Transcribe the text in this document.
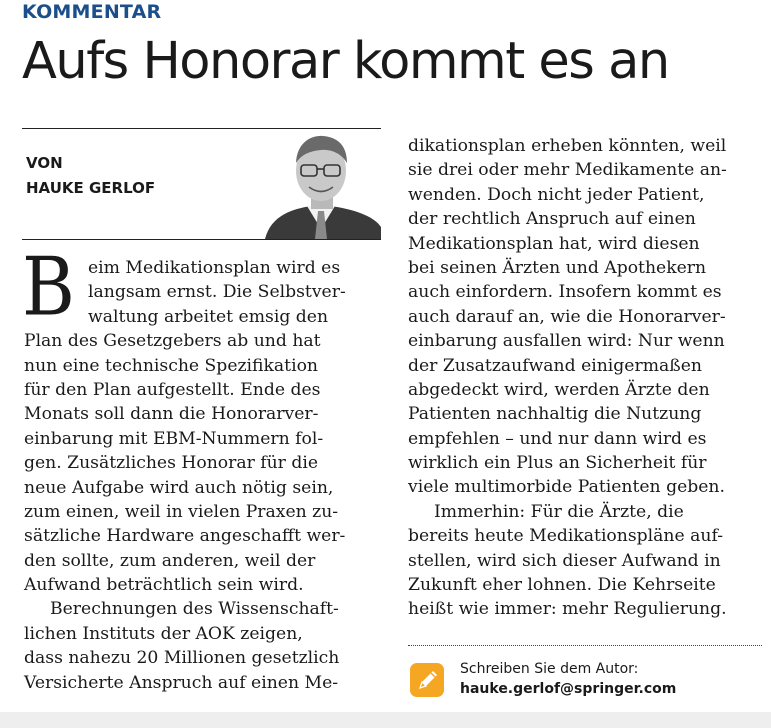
KOMMENTAR
Aufs Honorar kommt es an
VON
HAUKE GERLOF
B eim Medikationsplan wird es
langsam ernst. Die Selbstver-
waltung arbeitet emsig den
Plan des Gesetzgebers ab und hat
nun eine technische Spezifikation
für den Plan aufgestellt. Ende des
Monats soll dann die Honorarver-
einbarung mit EBM-Nummern fol-
gen. Zusätzliches Honorar für die
neue Aufgabe wird auch nötig sein,
zum einen, weil in vielen Praxen zu-
sätzliche Hardware angeschafft wer-
den sollte, zum anderen, weil der
Aufwand beträchtlich sein wird.
Berechnungen des Wissenschaft-
lichen Instituts der AOK zeigen,
dass nahezu 20 Millionen gesetzlich
Versicherte Anspruch auf einen Me-
dikationsplan erheben könnten, weil
sie drei oder mehr Medikamente an-
wenden. Doch nicht jeder Patient,
der rechtlich Anspruch auf einen
Medikationsplan hat, wird diesen
bei seinen Ärzten und Apothekern
auch einfordern. Insofern kommt es
auch darauf an, wie die Honorarver-
einbarung ausfallen wird: Nur wenn
der Zusatzaufwand einigermaßen
abgedeckt wird, werden Ärzte den
Patienten nachhaltig die Nutzung
empfehlen – und nur dann wird es
wirklich ein Plus an Sicherheit für
viele multimorbide Patienten geben.
Immerhin: Für die Ärzte, die
bereits heute Medikationspläne auf-
stellen, wird sich dieser Aufwand in
Zukunft eher lohnen. Die Kehrseite
heißt wie immer: mehr Regulierung.
Schreiben Sie dem Autor:
hauke.gerlof@springer.com
